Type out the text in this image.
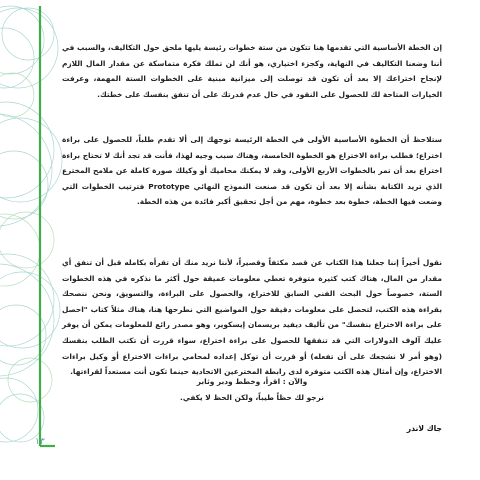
إن الخطة الأساسية التي تقدمها هنا تتكون من ستة خطوات رئيسة يليها ملحق حول التكاليف، والسبب في أننا وضعنا التكاليف في النهاية، وكجزء اختياري، هو أنك لن تملك فكرة متماسكة عن مقدار المال اللازم لإنجاح اختراعك إلا بعد أن تكون قد توصلت إلى ميزانية مبنية على الخطوات الستة المهمة، وعرفت الخيارات المتاحة لك للحصول على النقود في حال عدم قدرتك على أن تنفق بنفسك على خطتك.

ستلاحظ أن الخطوة الأساسية الأولى في الخطة الرئيسة توجهك إلى ألا تقدم طلباً، للحصول على براءة اختراع؛ فطلب براءة الاختراع هو الخطوة الخامسة، وهناك سبب وجيه لهذا، فأنت قد تجد أنك لا تحتاج براءة اختراع بعد أن تمر بالخطوات الأربع الأولى، وقد لا يمكنك محاميك أو وكيلك صورة كاملة عن ملامح المخترع الذي تريد الكتابة بشأنه إلا بعد أن تكون قد صنعت النموذج النهائي Prototype فترتيب الخطوات التي وضعت فيها الخطة، خطوة بعد خطوة، مهم من أجل تحقيق أكبر فائدة من هذه الخطة.

نقول أخيراً إننا جعلنا هذا الكتاب عن قصد مكثفاً وقصيراً، لأننا نريد منك أن تقرأه بكامله قبل أن تنفق أي مقدار من المال، هناك كتب كثيرة متوفرة تعطي معلومات عميقة حول أكثر ما نذكره في هذه الخطوات الستة، خصوصاً حول البحث الفني السابق للاختراع، والحصول على البراءة، والتسويق، ونحن ننصحك بقراءة هذه الكتب، لتحصل على معلومات دقيقة حول المواضيع التي نطرحها هنا، هناك مثلاً كتاب "احصل على براءة الاختراع بنفسك" من تأليف ديفيد بريسمان إيسكوير، وهو مصدر رائع للمعلومات يمكن أن يوفر عليك آلوف الدولارات التي قد تنفقها للحصول على براءة اختراع، سواء قررت أن تكتب الطلب بنفسك (وهو أمر لا نشجعك على أن تفعله) أو قررت أن توكل إعداده لمحامي براءات الاختراع أو وكيل براءات الاختراع، وإن أمثال هذه الكتب متوفرة لدى رابطة المخترعين الاتحادية حينما تكون أنت مستعداً لقراءتها.

والآن : اقرأ، وخطط ودبر وثابر
نرجو لك حظاً طيباً، ولكن الحظ لا يكفي.
جاك لاندر
١٣
